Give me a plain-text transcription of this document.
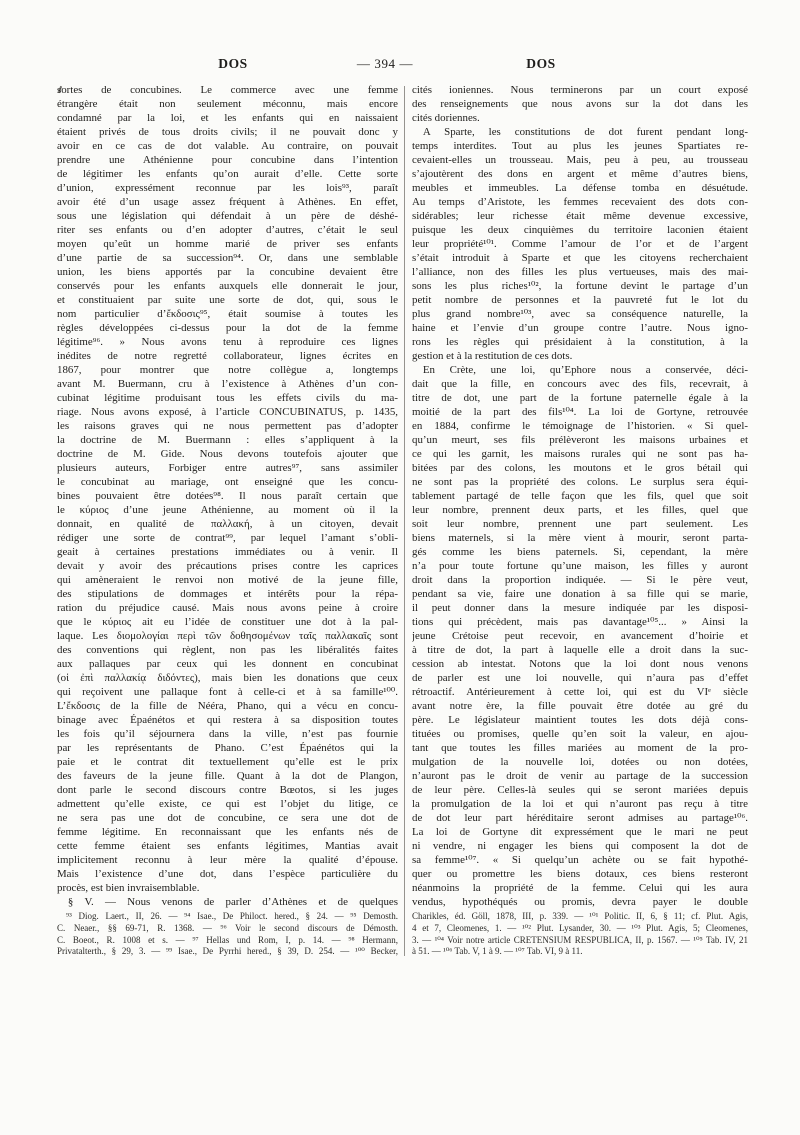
DOS	— 394 —	DOS
sortes de concubines. Le commerce avec une femme
étrangère était non seulement méconnu, mais encore
condamné par la loi, et les enfants qui en naissaient
étaient privés de tous droits civils; il ne pouvait donc y
avoir en ce cas de dot valable. Au contraire, on pouvait
prendre une Athénienne pour concubine dans l’intention
de légitimer les enfants qu’on aurait d’elle. Cette sorte
d’union, expressément reconnue par les lois⁹³, paraît
avoir été d’un usage assez fréquent à Athènes. En effet,
sous une législation qui défendait à un père de déshé-
riter ses enfants ou d’en adopter d’autres, c’était le seul
moyen qu’eût un homme marié de priver ses enfants
d’une partie de sa succession⁹⁴. Or, dans une semblable
union, les biens apportés par la concubine devaient être
conservés pour les enfants auxquels elle donnerait le jour,
et constituaient par suite une sorte de dot, qui, sous le
nom particulier d’ἔκδοσις⁹⁵, était soumise à toutes les
règles développées ci-dessus pour la dot de la femme
légitime⁹⁶. » Nous avons tenu à reproduire ces lignes
inédites de notre regretté collaborateur, lignes écrites en
1867, pour montrer que notre collègue a, longtemps
avant M. Buermann, cru à l’existence à Athènes d’un con-
cubinat légitime produisant tous les effets civils du ma-
riage. Nous avons exposé, à l’article CONCUBINATUS, p. 1435,
les raisons graves qui ne nous permettent pas d’adopter
la doctrine de M. Buermann : elles s’appliquent à la
doctrine de M. Gide. Nous devons toutefois ajouter que
plusieurs auteurs, Forbiger entre autres⁹⁷, sans assimiler
le concubinat au mariage, ont enseigné que les concu-
bines pouvaient être dotées⁹⁸. Il nous paraît certain que
le κύριος d’une jeune Athénienne, au moment où il la
donnait, en qualité de παλλακή, à un citoyen, devait
rédiger une sorte de contrat⁹⁹, par lequel l’amant s’obli-
geait à certaines prestations immédiates ou à venir. Il
devait y avoir des précautions prises contre les caprices
qui amèneraient le renvoi non motivé de la jeune fille,
des stipulations de dommages et intérêts pour la répa-
ration du préjudice causé. Mais nous avons peine à croire
que le κύριος ait eu l’idée de constituer une dot à la pal-
laque. Les διομολογίαι περὶ τῶν δοθησομένων ταῖς παλλακαῖς sont
des conventions qui règlent, non pas les libéralités faites
aux pallaques par ceux qui les donnent en concubinat
(οἱ ἐπὶ παλλακίᾳ διδόντες), mais bien les donations que ceux
qui reçoivent une pallaque font à celle-ci et à sa famille¹⁰⁰.
L’ἔκδοσις de la fille de Nééra, Phano, qui a vécu en concu-
binage avec Épaénétos et qui restera à sa disposition toutes
les fois qu’il séjournera dans la ville, n’est pas fournie
par les représentants de Phano. C’est Épaénétos qui la
paie et le contrat dit textuellement qu’elle est le prix
des faveurs de la jeune fille. Quant à la dot de Plangon,
dont parle le second discours contre Bœotos, si les juges
admettent qu’elle existe, ce qui est l’objet du litige, ce
ne sera pas une dot de concubine, ce sera une dot de
femme légitime. En reconnaissant que les enfants nés de
cette femme étaient ses enfants légitimes, Mantias avait
implicitement reconnu à leur mère la qualité d’épouse.
Mais l’existence d’une dot, dans l’espèce particulière du
procès, est bien invraisemblable.
 § V. — Nous venons de parler d’Athènes et de quelques
cités ioniennes. Nous terminerons par un court exposé
des renseignements que nous avons sur la dot dans les
cités doriennes.
 A Sparte, les constitutions de dot furent pendant long-
temps interdites. Tout au plus les jeunes Spartiates re-
cevaient-elles un trousseau. Mais, peu à peu, au trousseau
s’ajoutèrent des dons en argent et même d’autres biens,
meubles et immeubles. La défense tomba en désuétude.
Au temps d’Aristote, les femmes recevaient des dots con-
sidérables; leur richesse était même devenue excessive,
puisque les deux cinquièmes du territoire laconien étaient
leur propriété¹⁰¹. Comme l’amour de l’or et de l’argent
s’était introduit à Sparte et que les citoyens recherchaient
l’alliance, non des filles les plus vertueuses, mais des mai-
sons les plus riches¹⁰², la fortune devint le partage d’un
petit nombre de personnes et la pauvreté fut le lot du
plus grand nombre¹⁰³, avec sa conséquence naturelle, la
haine et l’envie d’un groupe contre l’autre. Nous igno-
rons les règles qui présidaient à la constitution, à la
gestion et à la restitution de ces dots.
 En Crète, une loi, qu’Ephore nous a conservée, déci-
dait que la fille, en concours avec des fils, recevrait, à
titre de dot, une part de la fortune paternelle égale à la
moitié de la part des fils¹⁰⁴. La loi de Gortyne, retrouvée
en 1884, confirme le témoignage de l’historien. « Si quel-
qu’un meurt, ses fils prélèveront les maisons urbaines et
ce qui les garnit, les maisons rurales qui ne sont pas ha-
bitées par des colons, les moutons et le gros bétail qui
ne sont pas la propriété des colons. Le surplus sera équi-
tablement partagé de telle façon que les fils, quel que soit
leur nombre, prennent deux parts, et les filles, quel que
soit leur nombre, prennent une part seulement. Les
biens maternels, si la mère vient à mourir, seront parta-
gés comme les biens paternels. Si, cependant, la mère
n’a pour toute fortune qu’une maison, les filles y auront
droit dans la proportion indiquée. — Si le père veut,
pendant sa vie, faire une donation à sa fille qui se marie,
il peut donner dans la mesure indiquée par les disposi-
tions qui précèdent, mais pas davantage¹⁰⁵... » Ainsi la
jeune Crétoise peut recevoir, en avancement d’hoirie et
à titre de dot, la part à laquelle elle a droit dans la suc-
cession ab intestat. Notons que la loi dont nous venons
de parler est une loi nouvelle, qui n’aura pas d’effet
rétroactif. Antérieurement à cette loi, qui est du VIᵉ siècle
avant notre ère, la fille pouvait être dotée au gré du
père. Le législateur maintient toutes les dots déjà cons-
tituées ou promises, quelle qu’en soit la valeur, en ajou-
tant que toutes les filles mariées au moment de la pro-
mulgation de la nouvelle loi, dotées ou non dotées,
n’auront pas le droit de venir au partage de la succession
de leur père. Celles-là seules qui se seront mariées depuis
la promulgation de la loi et qui n’auront pas reçu à titre
de dot leur part héréditaire seront admises au partage¹⁰⁶.
La loi de Gortyne dit expressément que le mari ne peut
ni vendre, ni engager les biens qui composent la dot de
sa femme¹⁰⁷. « Si quelqu’un achète ou se fait hypothé-
quer ou promettre les biens dotaux, ces biens resteront
néanmoins la propriété de la femme. Celui qui les aura
vendus, hypothéqués ou promis, devra payer le double
 ⁹³ Diog. Laert., II, 26. — ⁹⁴ Isae., De Philoct. hered., § 24. — ⁹⁵ Demosth.
C. Neaer., §§ 69-71, R. 1368. — ⁹⁶ Voir le second discours de Démosth.
C. Boeot., R. 1008 et s. — ⁹⁷ Hellas und Rom, I, p. 14. — ⁹⁸ Hermann,
Privatalterth., § 29, 3. — ⁹⁹ Isae., De Pyrrhi hered., § 39, D. 254. — ¹⁰⁰ Becker,
Charikles, éd. Göll, 1878, III, p. 339. — ¹⁰¹ Politic. II, 6, § 11; cf. Plut. Agis,
4 et 7, Cleomenes, 1. — ¹⁰² Plut. Lysander, 30. — ¹⁰³ Plut. Agis, 5; Cleomenes,
3. — ¹⁰⁴ Voir notre article CRETENSIUM RESPUBLICA, II, p. 1567. — ¹⁰⁵ Tab. IV, 21
à 51. — ¹⁰⁶ Tab. V, 1 à 9. — ¹⁰⁷ Tab. VI, 9 à 11.
